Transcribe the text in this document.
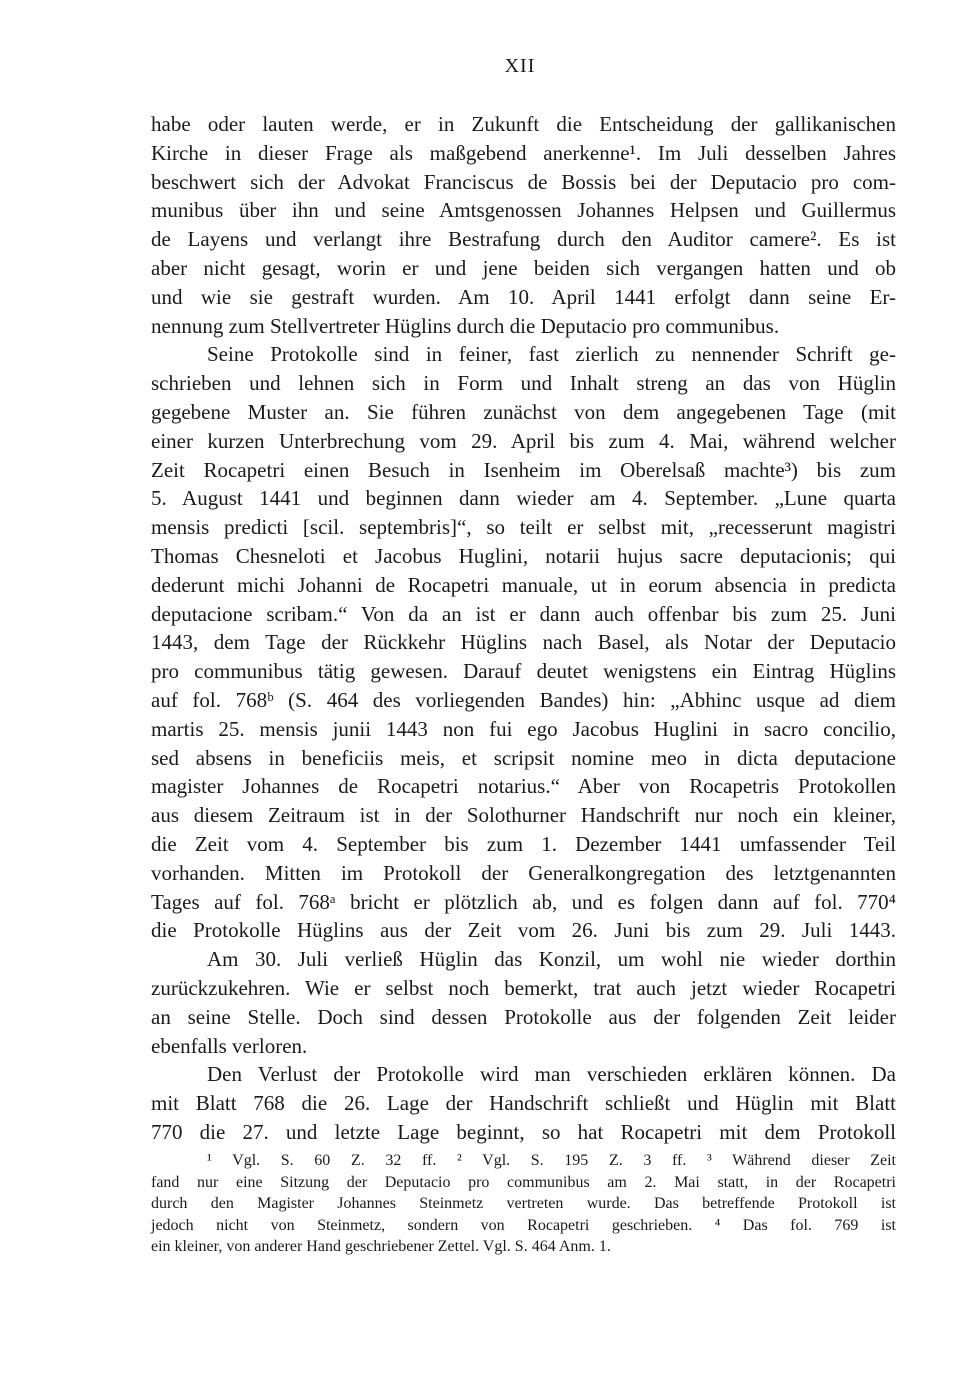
XII
habe oder lauten werde, er in Zukunft die Entscheidung der gallikanischen
Kirche in dieser Frage als maßgebend anerkenne¹. Im Juli desselben Jahres
beschwert sich der Advokat Franciscus de Bossis bei der Deputacio pro com-
munibus über ihn und seine Amtsgenossen Johannes Helpsen und Guillermus
de Layens und verlangt ihre Bestrafung durch den Auditor camere². Es ist
aber nicht gesagt, worin er und jene beiden sich vergangen hatten und ob
und wie sie gestraft wurden. Am 10. April 1441 erfolgt dann seine Er-
nennung zum Stellvertreter Hüglins durch die Deputacio pro communibus.
Seine Protokolle sind in feiner, fast zierlich zu nennender Schrift ge-
schrieben und lehnen sich in Form und Inhalt streng an das von Hüglin
gegebene Muster an. Sie führen zunächst von dem angegebenen Tage (mit
einer kurzen Unterbrechung vom 29. April bis zum 4. Mai, während welcher
Zeit Rocapetri einen Besuch in Isenheim im Oberelsaß machte³) bis zum
5. August 1441 und beginnen dann wieder am 4. September. „Lune quarta
mensis predicti [scil. septembris]“, so teilt er selbst mit, „recesserunt magistri
Thomas Chesneloti et Jacobus Huglini, notarii hujus sacre deputacionis; qui
dederunt michi Johanni de Rocapetri manuale, ut in eorum absencia in predicta
deputacione scribam.“ Von da an ist er dann auch offenbar bis zum 25. Juni
1443, dem Tage der Rückkehr Hüglins nach Basel, als Notar der Deputacio
pro communibus tätig gewesen. Darauf deutet wenigstens ein Eintrag Hüglins
auf fol. 768ᵇ (S. 464 des vorliegenden Bandes) hin: „Abhinc usque ad diem
martis 25. mensis junii 1443 non fui ego Jacobus Huglini in sacro concilio,
sed absens in beneficiis meis, et scripsit nomine meo in dicta deputacione
magister Johannes de Rocapetri notarius.“ Aber von Rocapetris Protokollen
aus diesem Zeitraum ist in der Solothurner Handschrift nur noch ein kleiner,
die Zeit vom 4. September bis zum 1. Dezember 1441 umfassender Teil
vorhanden. Mitten im Protokoll der Generalkongregation des letztgenannten
Tages auf fol. 768ᵃ bricht er plötzlich ab, und es folgen dann auf fol. 770⁴
die Protokolle Hüglins aus der Zeit vom 26. Juni bis zum 29. Juli 1443.
Am 30. Juli verließ Hüglin das Konzil, um wohl nie wieder dorthin
zurückzukehren. Wie er selbst noch bemerkt, trat auch jetzt wieder Rocapetri
an seine Stelle. Doch sind dessen Protokolle aus der folgenden Zeit leider
ebenfalls verloren.
Den Verlust der Protokolle wird man verschieden erklären können. Da
mit Blatt 768 die 26. Lage der Handschrift schließt und Hüglin mit Blatt
770 die 27. und letzte Lage beginnt, so hat Rocapetri mit dem Protokoll
¹ Vgl. S. 60 Z. 32 ff. ² Vgl. S. 195 Z. 3 ff. ³ Während dieser Zeit
fand nur eine Sitzung der Deputacio pro communibus am 2. Mai statt, in der Rocapetri
durch den Magister Johannes Steinmetz vertreten wurde. Das betreffende Protokoll ist
jedoch nicht von Steinmetz, sondern von Rocapetri geschrieben. ⁴ Das fol. 769 ist
ein kleiner, von anderer Hand geschriebener Zettel. Vgl. S. 464 Anm. 1.
